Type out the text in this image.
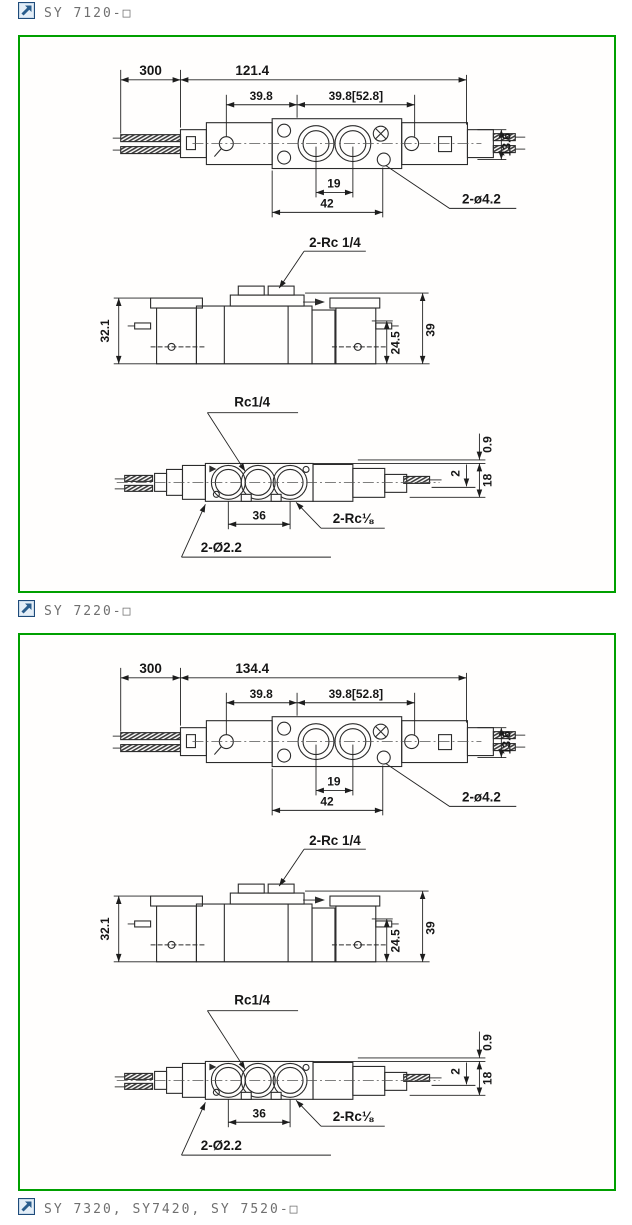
SY 7120-□
300	121.4
39.8	39.8[52.8]
13.6
19
42	2-ø4.2
2-Rc 1/4
32.1
24.5
39
Rc1/4
0.9
2
18
36	2-Rc⅛
2-Ø2.2
SY 7220-□
300	134.4
39.8	39.8[52.8]
13.6
19
42	2-ø4.2
2-Rc 1/4
32.1
24.5
39
Rc1/4
0.9
2
18
36	2-Rc⅛
2-Ø2.2
SY 7320, SY7420, SY 7520-□
